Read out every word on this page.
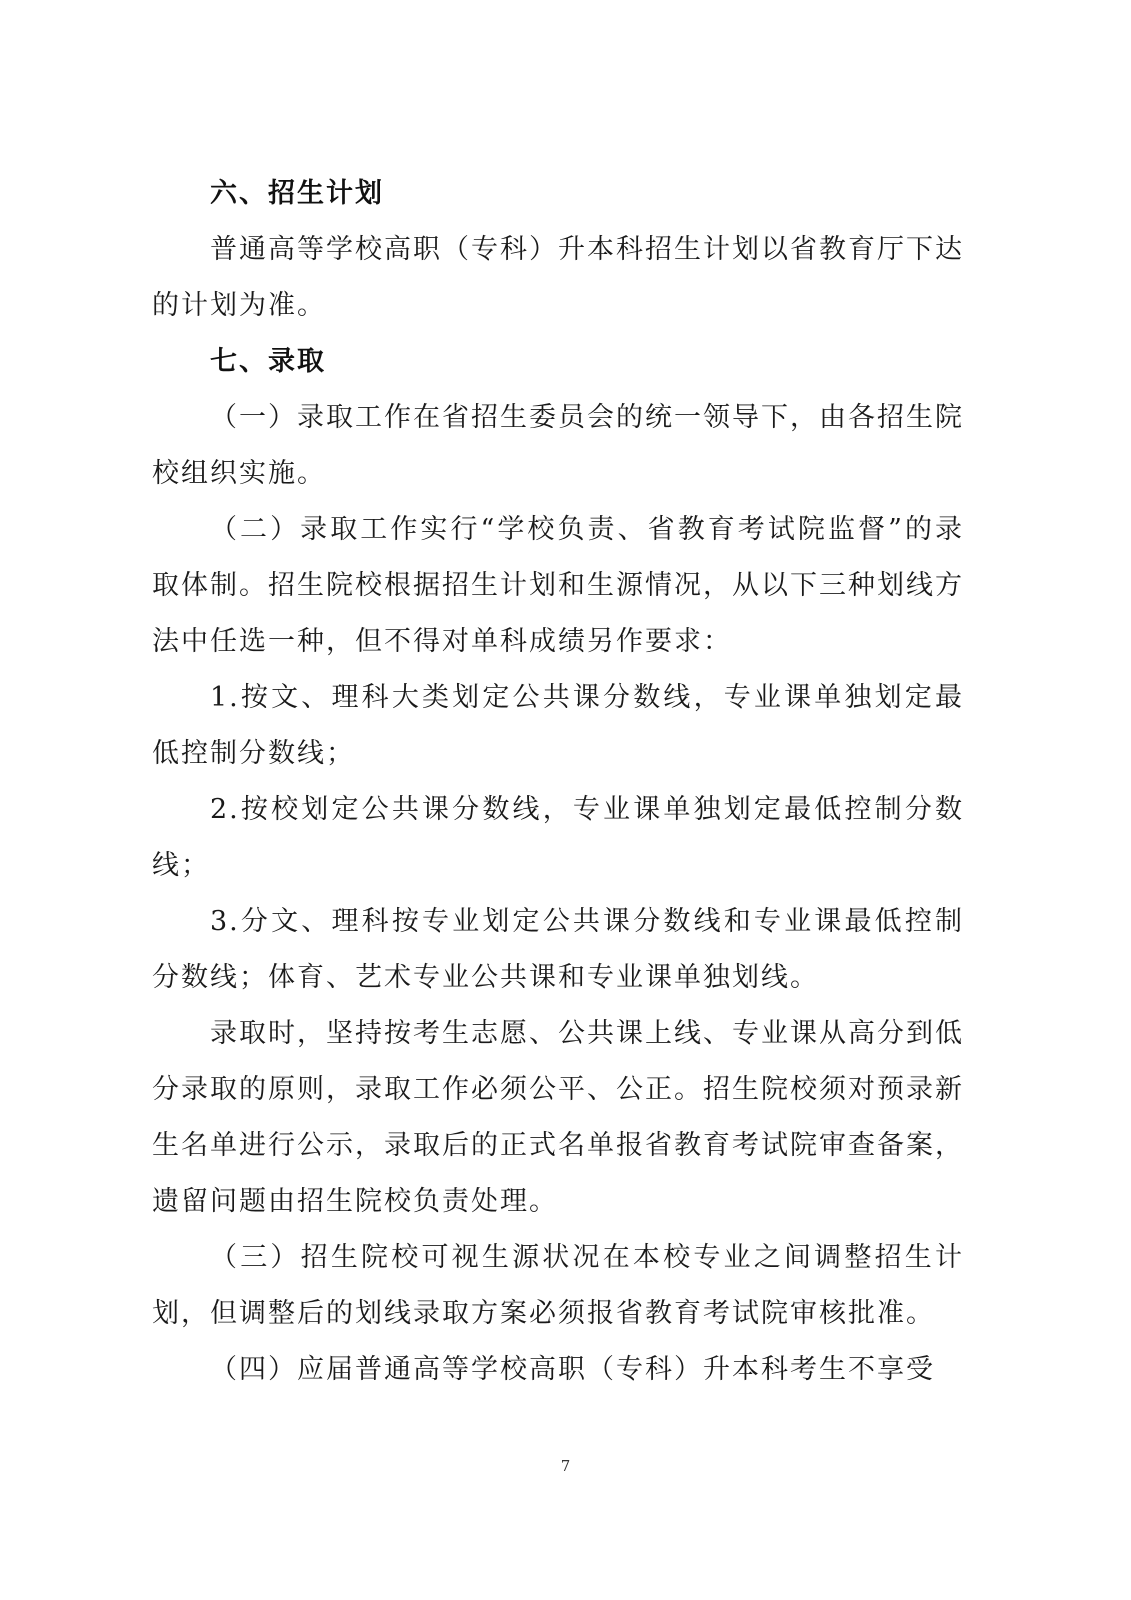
六、招生计划

普通高等学校高职（专科）升本科招生计划以省教育厅下达的计划为准。

七、录取

（一）录取工作在省招生委员会的统一领导下，由各招生院校组织实施。

（二）录取工作实行“学校负责、省教育考试院监督”的录取体制。招生院校根据招生计划和生源情况，从以下三种划线方法中任选一种，但不得对单科成绩另作要求：

1.按文、理科大类划定公共课分数线，专业课单独划定最低控制分数线；

2.按校划定公共课分数线，专业课单独划定最低控制分数线；

3.分文、理科按专业划定公共课分数线和专业课最低控制分数线；体育、艺术专业公共课和专业课单独划线。

录取时，坚持按考生志愿、公共课上线、专业课从高分到低分录取的原则，录取工作必须公平、公正。招生院校须对预录新生名单进行公示，录取后的正式名单报省教育考试院审查备案，遗留问题由招生院校负责处理。

（三）招生院校可视生源状况在本校专业之间调整招生计划，但调整后的划线录取方案必须报省教育考试院审核批准。

（四）应届普通高等学校高职（专科）升本科考生不享受

7
